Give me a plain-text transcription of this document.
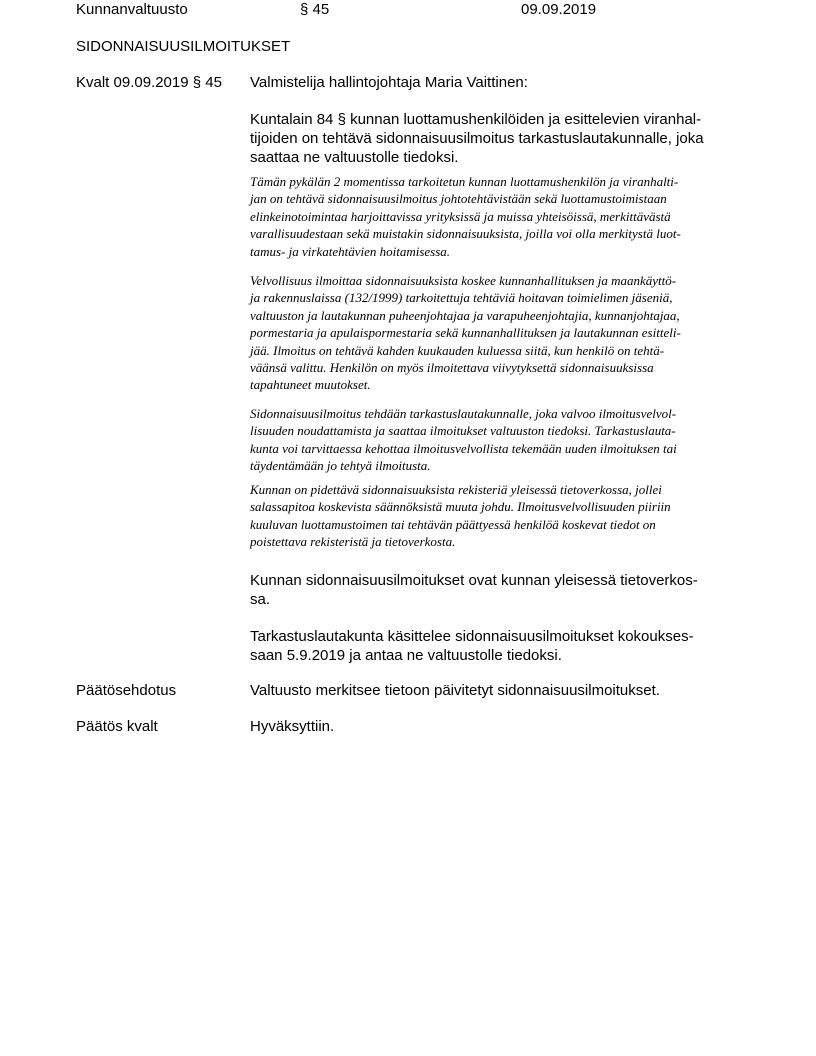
Kunnanvaltuusto	§ 45	09.09.2019
SIDONNAISUUSILMOITUKSET
Kvalt 09.09.2019 § 45 Valmistelija hallintojohtaja Maria Vaittinen:
Kuntalain 84 § kunnan luottamushenkilöiden ja esittelevien viranhal-
tijoiden on tehtävä sidonnaisuusilmoitus tarkastuslautakunnalle, joka
saattaa ne valtuustolle tiedoksi.
Tämän pykälän 2 momentissa tarkoitetun kunnan luottamushenkilön ja viranhalti-
jan on tehtävä sidonnaisuusilmoitus johtotehtävistään sekä luottamustoimistaan
elinkeinotoimintaa harjoittavissa yrityksissä ja muissa yhteisöissä, merkittävästä
varallisuudestaan sekä muistakin sidonnaisuuksista, joilla voi olla merkitystä luot-
tamus- ja virkatehtävien hoitamisessa.
Velvollisuus ilmoittaa sidonnaisuuksista koskee kunnanhallituksen ja maankäyttö-
ja rakennuslaissa (132/1999) tarkoitettuja tehtäviä hoitavan toimielimen jäseniä,
valtuuston ja lautakunnan puheenjohtajaa ja varapuheenjohtajia, kunnanjohtajaa,
pormestaria ja apulaispormestaria sekä kunnanhallituksen ja lautakunnan esitteli-
jää. Ilmoitus on tehtävä kahden kuukauden kuluessa siitä, kun henkilö on tehtä-
väänsä valittu. Henkilön on myös ilmoitettava viivytyksettä sidonnaisuuksissa
tapahtuneet muutokset.
Sidonnaisuusilmoitus tehdään tarkastuslautakunnalle, joka valvoo ilmoitusvelvol-
lisuuden noudattamista ja saattaa ilmoitukset valtuuston tiedoksi. Tarkastuslauta-
kunta voi tarvittaessa kehottaa ilmoitusvelvollista tekemään uuden ilmoituksen tai
täydentämään jo tehtyä ilmoitusta.
Kunnan on pidettävä sidonnaisuuksista rekisteriä yleisessä tietoverkossa, jollei
salassapitoa koskevista säännöksistä muuta johdu. Ilmoitusvelvollisuuden piiriin
kuuluvan luottamustoimen tai tehtävän päättyessä henkilöä koskevat tiedot on
poistettava rekisteristä ja tietoverkosta.
Kunnan sidonnaisuusilmoitukset ovat kunnan yleisessä tietoverkos-
sa.
Tarkastuslautakunta käsittelee sidonnaisuusilmoitukset kokoukses-
saan 5.9.2019 ja antaa ne valtuustolle tiedoksi.
Päätösehdotus	Valtuusto merkitsee tietoon päivitetyt sidonnaisuusilmoitukset.
Päätös kvalt	Hyväksyttiin.
